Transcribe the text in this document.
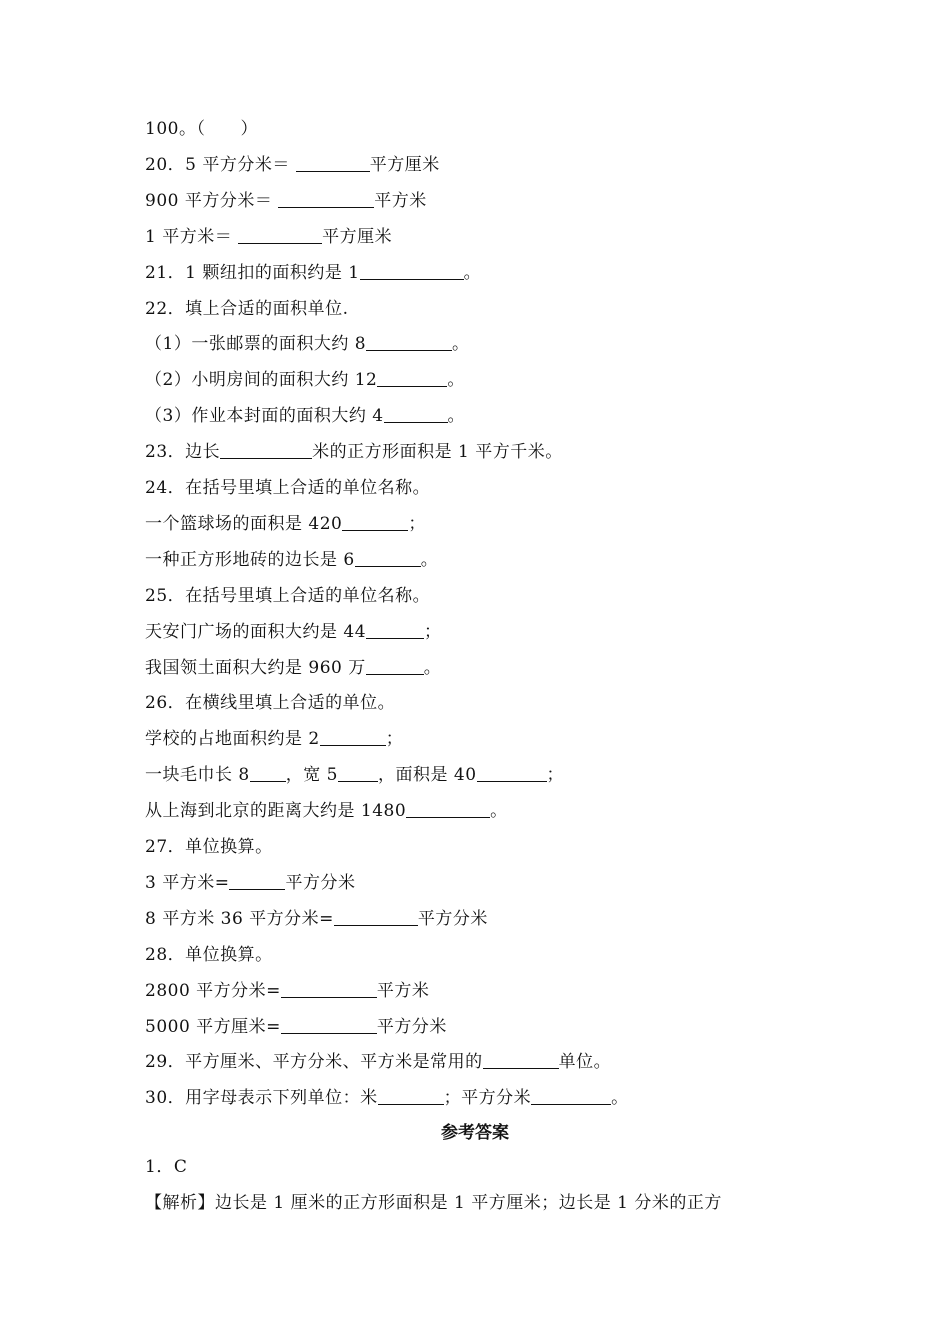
100。（　　）
20．5 平方分米＝	平方厘米
900 平方分米＝	平方米
1 平方米＝	平方厘米
21．1 颗纽扣的面积约是 1	。
22．填上合适的面积单位.
（1）一张邮票的面积大约 8	。
（2）小明房间的面积大约 12	。
（3）作业本封面的面积大约 4	。
23．边长	米的正方形面积是 1 平方千米。
24．在括号里填上合适的单位名称。
一个篮球场的面积是 420	；
一种正方形地砖的边长是 6	。
25．在括号里填上合适的单位名称。
天安门广场的面积大约是 44	；
我国领土面积大约是 960 万	。
26．在横线里填上合适的单位。
学校的占地面积约是 2	；
一块毛巾长 8 ，宽 5 ，面积是 40	；
从上海到北京的距离大约是 1480	。
27．单位换算。
3 平方米=	平方分米
8 平方米 36 平方分米=	平方分米
28．单位换算。
2800 平方分米=	平方米
5000 平方厘米=	平方分米
29．平方厘米、平方分米、平方米是常用的	单位。
30．用字母表示下列单位：米	；平方分米	。
参考答案
1．C
【解析】边长是 1 厘米的正方形面积是 1 平方厘米；边长是 1 分米的正方
